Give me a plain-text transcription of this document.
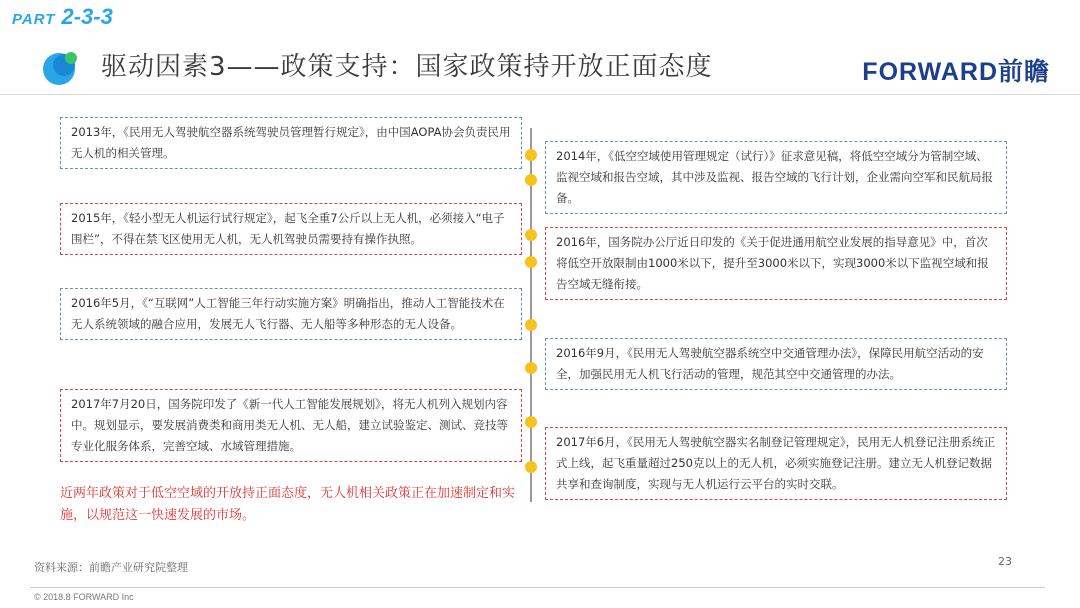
PART 2-3-3
驱动因素3——政策支持：国家政策持开放正面态度	FORWARD前瞻
2013年，《民用无人驾驶航空器系统驾驶员管理暂行规定》，由中国AOPA协会负责民用无人机的相关管理。
2015年，《轻小型无人机运行试行规定》，起飞全重7公斤以上无人机，必须接入“电子围栏”，不得在禁飞区使用无人机，无人机驾驶员需要持有操作执照。
2016年5月，《“互联网”人工智能三年行动实施方案》明确指出，推动人工智能技术在无人系统领域的融合应用，发展无人飞行器、无人船等多种形态的无人设备。
2017年7月20日，国务院印发了《新一代人工智能发展规划》，将无人机列入规划内容中。规划显示，要发展消费类和商用类无人机、无人船，建立试验鉴定、测试、竞技等专业化服务体系，完善空域、水域管理措施。
2014年，《低空空域使用管理规定（试行）》征求意见稿，将低空空域分为管制空域、监视空域和报告空域，其中涉及监视、报告空域的飞行计划，企业需向空军和民航局报备。
2016年，国务院办公厅近日印发的《关于促进通用航空业发展的指导意见》中，首次将低空开放限制由1000米以下，提升至3000米以下，实现3000米以下监视空域和报告空域无缝衔接。
2016年9月，《民用无人驾驶航空器系统空中交通管理办法》，保障民用航空活动的安全，加强民用无人机飞行活动的管理，规范其空中交通管理的办法。
2017年6月，《民用无人驾驶航空器实名制登记管理规定》，民用无人机登记注册系统正式上线，起飞重量超过250克以上的无人机，必须实施登记注册。建立无人机登记数据共享和查询制度，实现与无人机运行云平台的实时交联。
近两年政策对于低空空域的开放持正面态度，无人机相关政策正在加速制定和实施，以规范这一快速发展的市场。
资料来源：前瞻产业研究院整理	23
© 2018.8 FORWARD Inc
